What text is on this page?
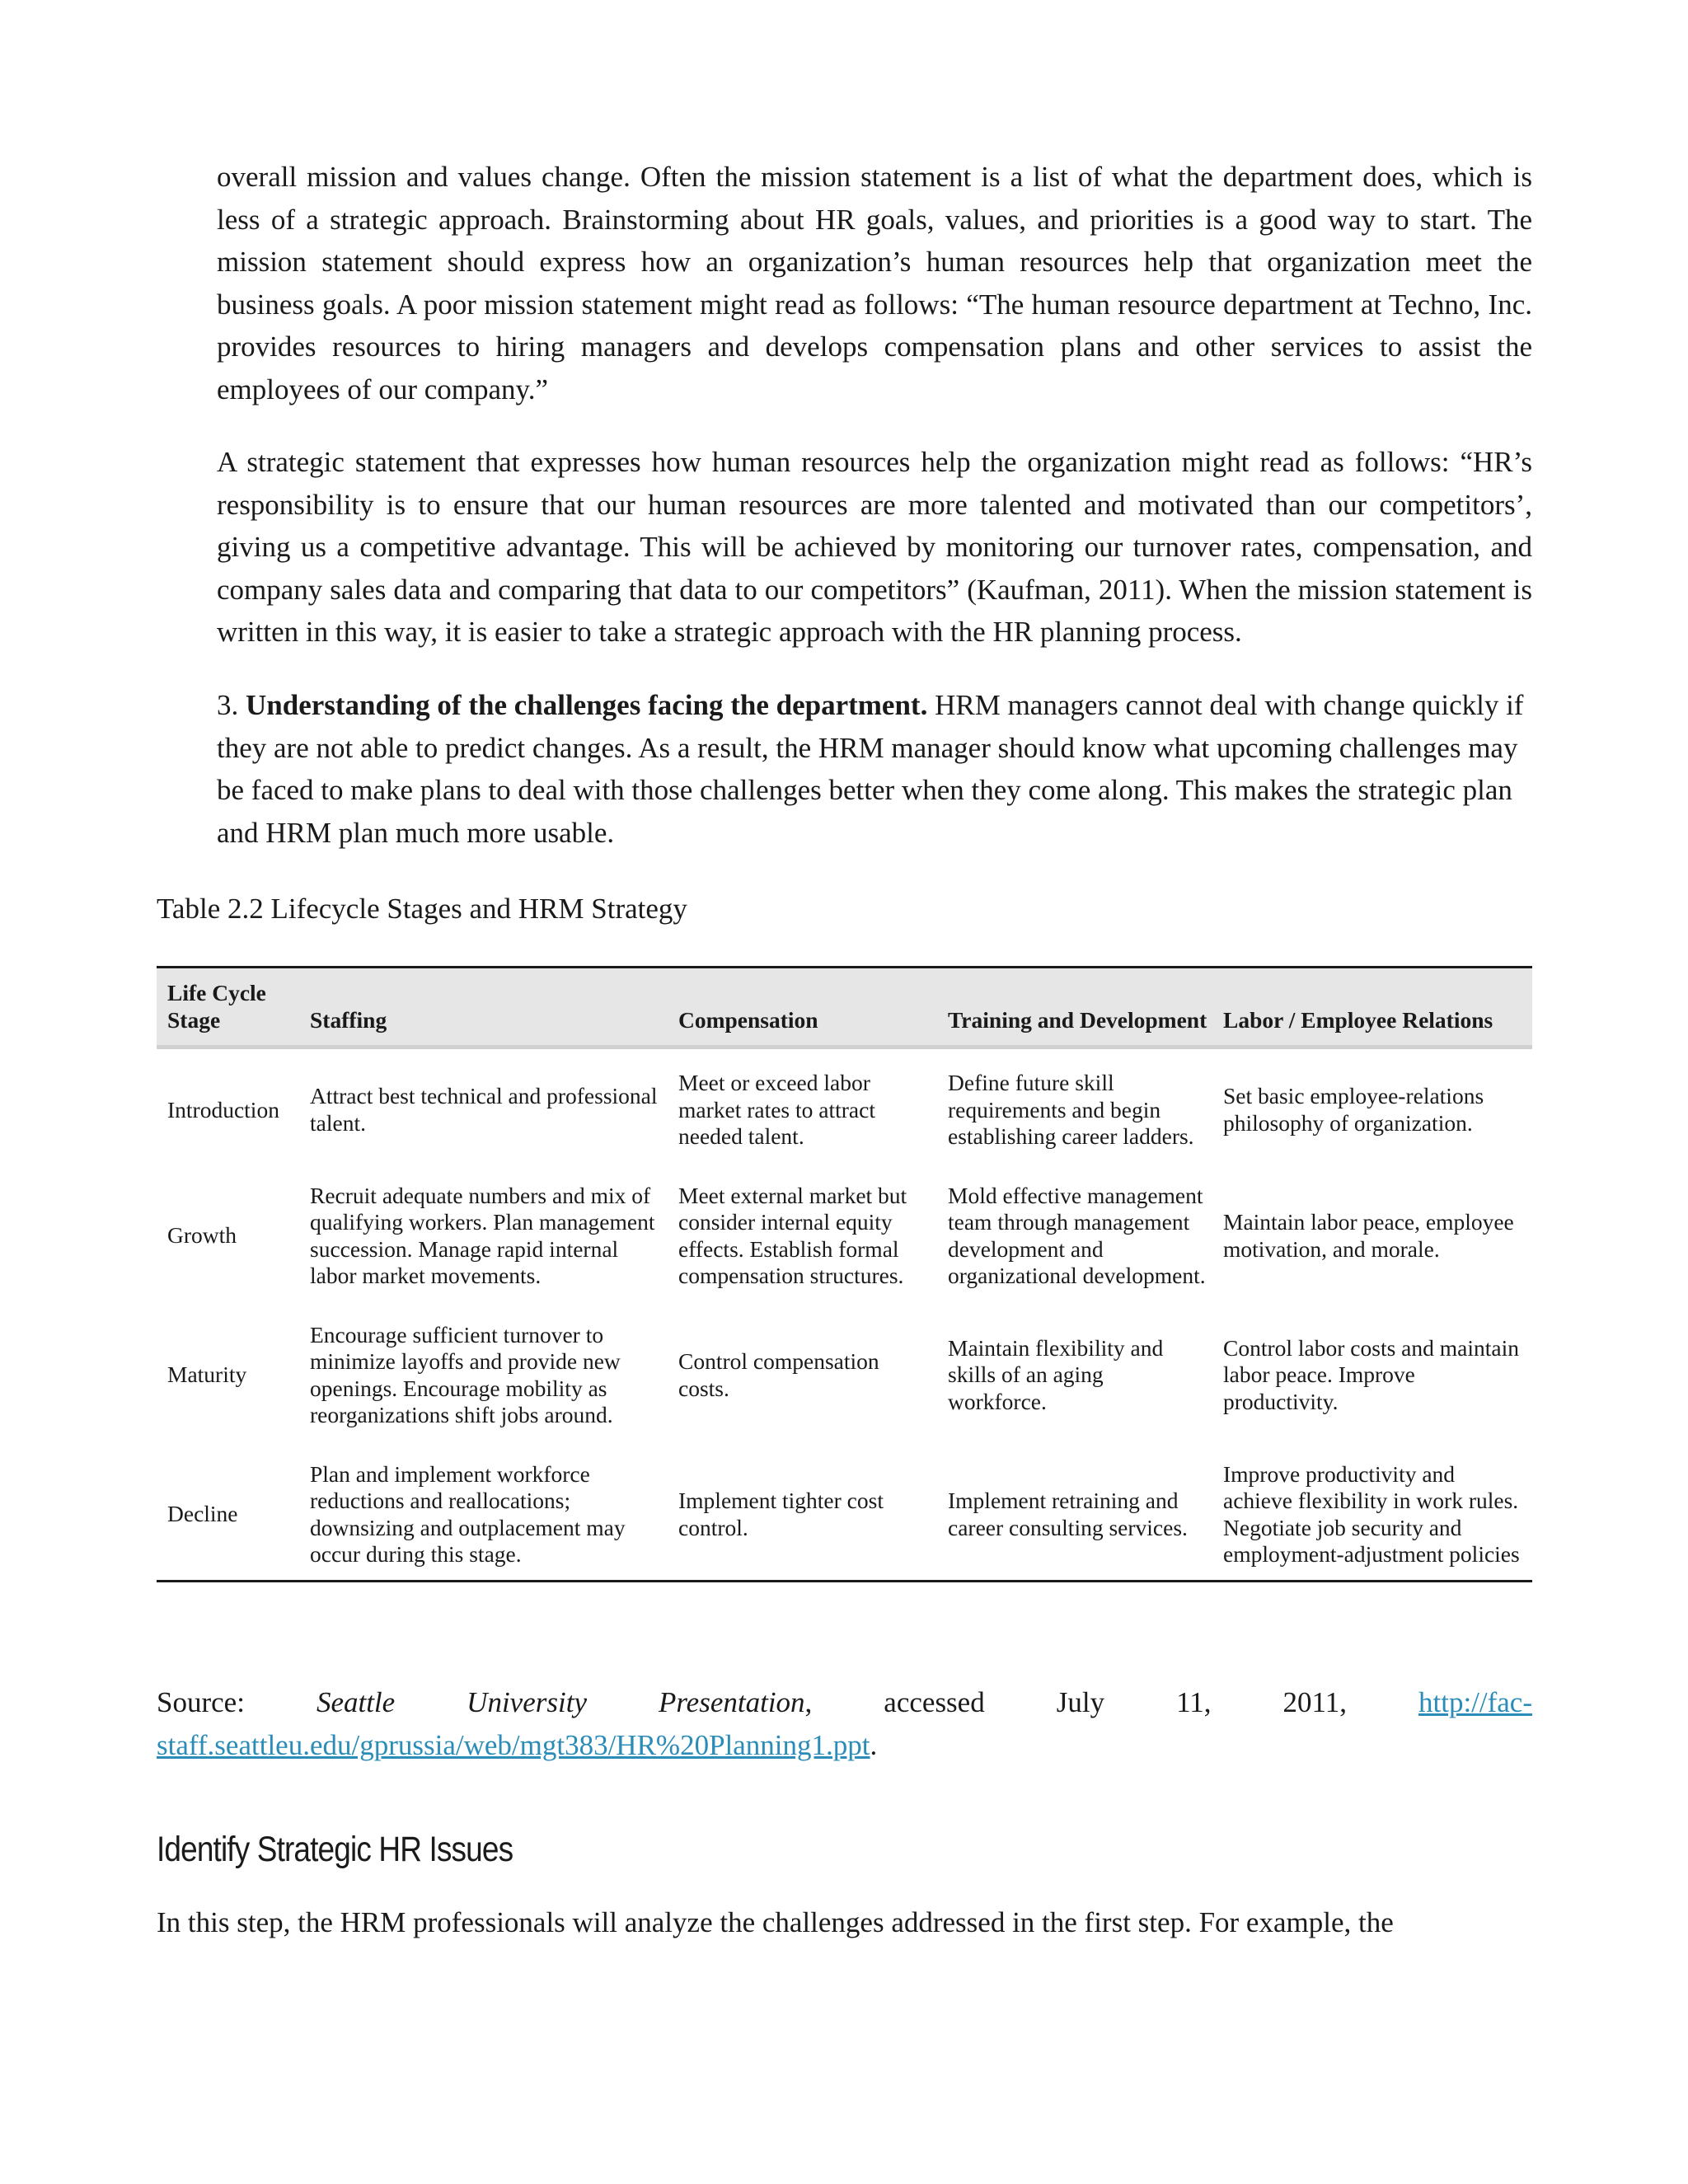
overall mission and values change. Often the mission statement is a list of what the department does, which is less of a strategic approach. Brainstorming about HR goals, values, and priorities is a good way to start. The mission statement should express how an organization’s human resources help that organization meet the business goals. A poor mission statement might read as follows: “The human resource department at Techno, Inc. provides resources to hiring managers and develops compensation plans and other services to assist the employees of our company.”

A strategic statement that expresses how human resources help the organization might read as follows: “HR’s responsibility is to ensure that our human resources are more talented and motivated than our competitors’, giving us a competitive advantage. This will be achieved by monitoring our turnover rates, compensation, and company sales data and comparing that data to our competitors” (Kaufman, 2011). When the mission statement is written in this way, it is easier to take a strategic approach with the HR planning process.

3. Understanding of the challenges facing the department. HRM managers cannot deal with change quickly if they are not able to predict changes. As a result, the HRM manager should know what upcoming challenges may be faced to make plans to deal with those challenges better when they come along. This makes the strategic plan and HRM plan much more usable.

Table 2.2 Lifecycle Stages and HRM Strategy

Life Cycle Stage	Staffing	Compensation	Training and Development	Labor / Employee Relations
Introduction	Attract best technical and professional talent.	Meet or exceed labor market rates to attract needed talent.	Define future skill requirements and begin establishing career ladders.	Set basic employee-relations philosophy of organization.
Growth	Recruit adequate numbers and mix of qualifying workers. Plan management succession. Manage rapid internal labor market movements.	Meet external market but consider internal equity effects. Establish formal compensation structures.	Mold effective management team through management development and organizational development.	Maintain labor peace, employee motivation, and morale.
Maturity	Encourage sufficient turnover to minimize layoffs and provide new openings. Encourage mobility as reorganizations shift jobs around.	Control compensation costs.	Maintain flexibility and skills of an aging workforce.	Control labor costs and maintain labor peace. Improve productivity.
Decline	Plan and implement workforce reductions and reallocations; downsizing and outplacement may occur during this stage.	Implement tighter cost control.	Implement retraining and career consulting services.	Improve productivity and achieve flexibility in work rules. Negotiate job security and employment-adjustment policies

Source: Seattle University Presentation, accessed July 11, 2011, http://fac-staff.seattleu.edu/gprussia/web/mgt383/HR%20Planning1.ppt.

Identify Strategic HR Issues

In this step, the HRM professionals will analyze the challenges addressed in the first step. For example, the
